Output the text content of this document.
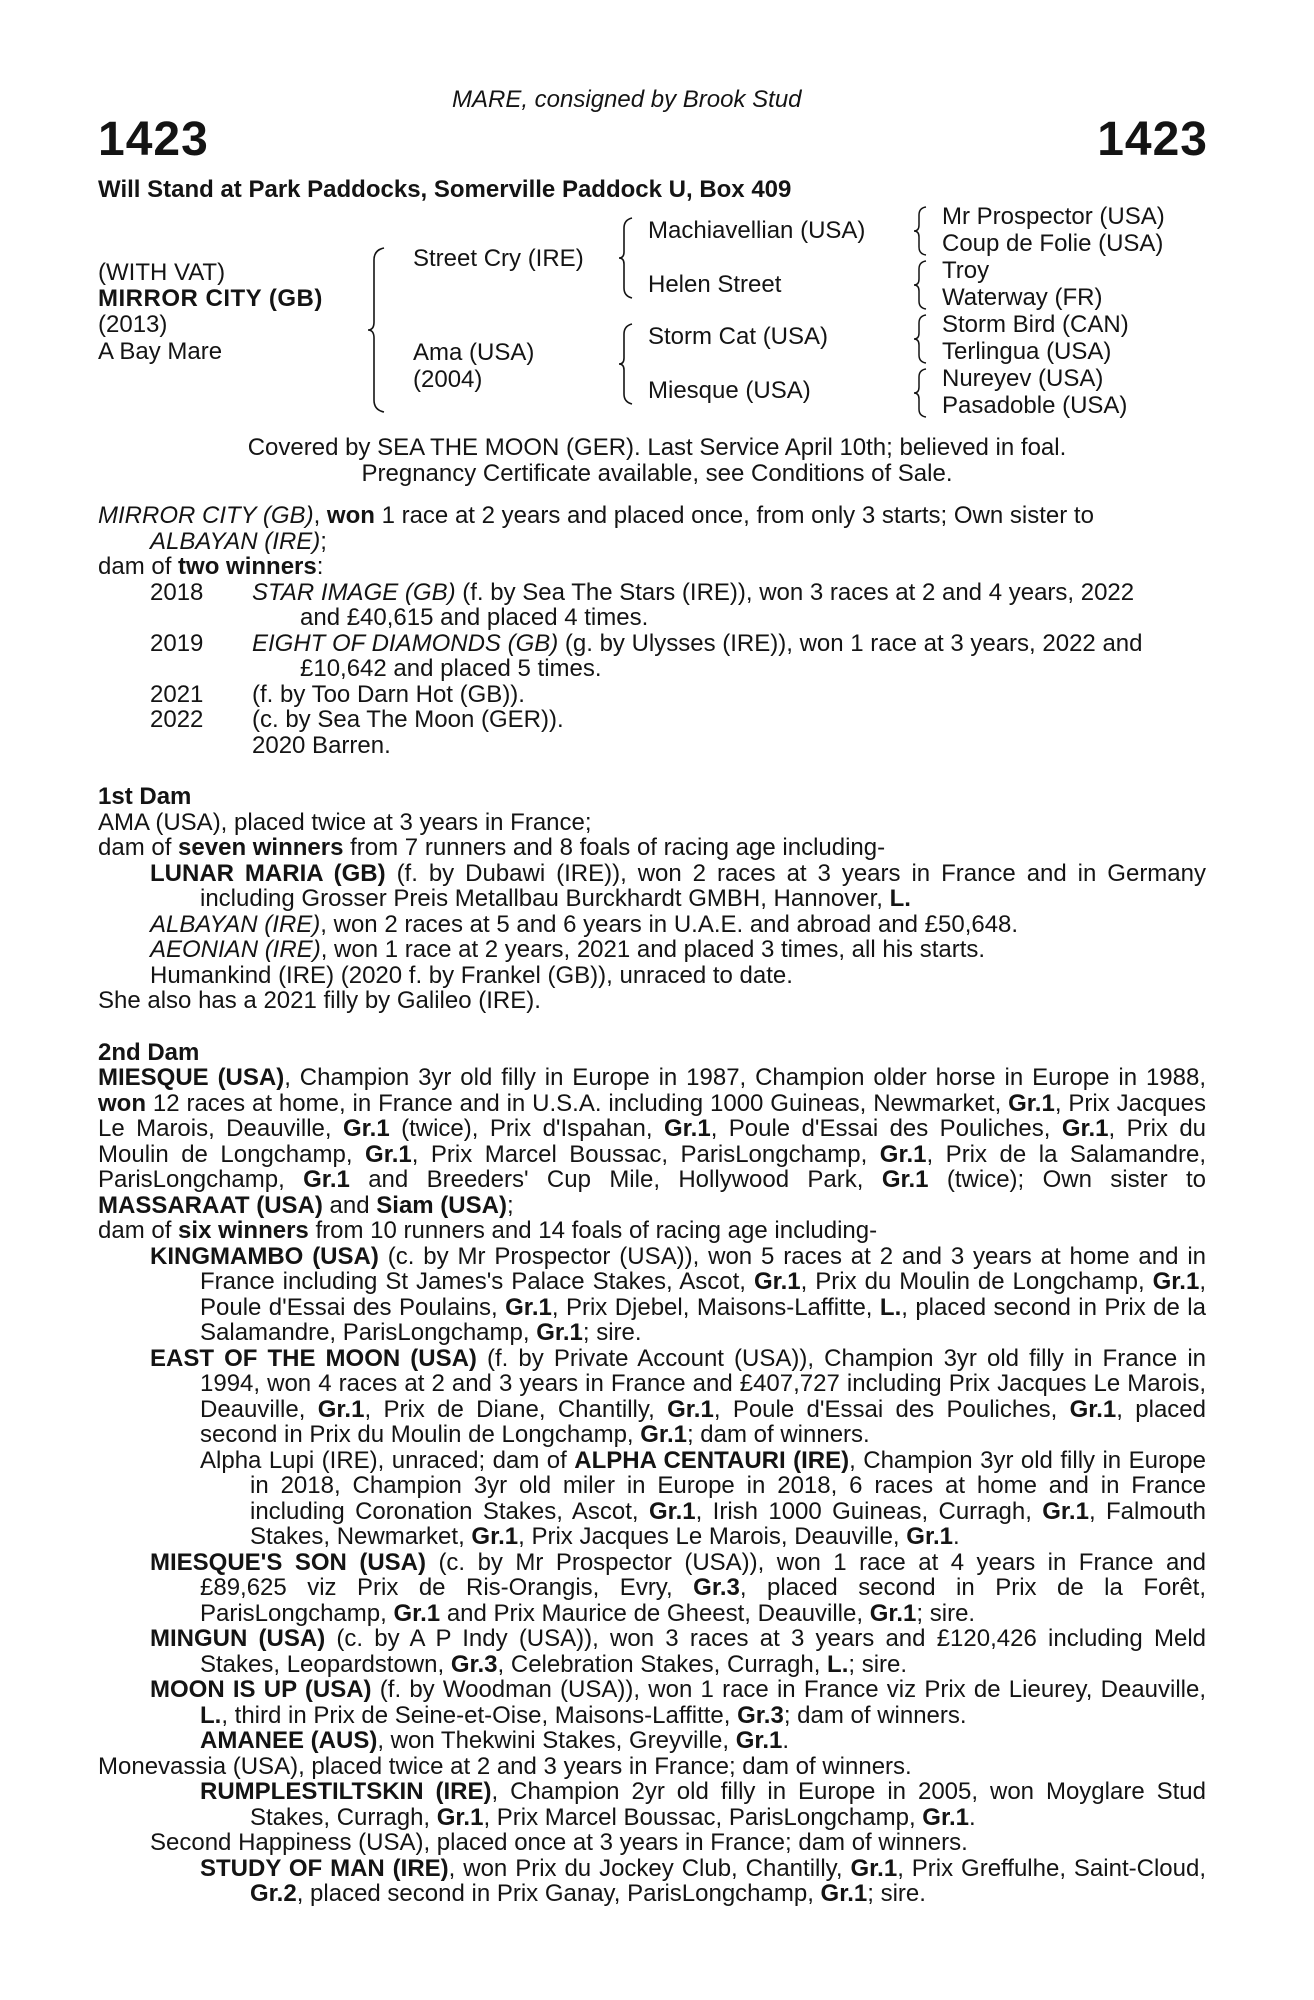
MARE, consigned by Brook Stud
1423	1423
Will Stand at Park Paddocks, Somerville Paddock U, Box 409
(WITH VAT)
MIRROR CITY (GB)
(2013)
A Bay Mare
Street Cry (IRE)
Ama (USA)
(2004)
Machiavellian (USA)
Helen Street
Storm Cat (USA)
Miesque (USA)
Mr Prospector (USA)
Coup de Folie (USA)
Troy
Waterway (FR)
Storm Bird (CAN)
Terlingua (USA)
Nureyev (USA)
Pasadoble (USA)
Covered by SEA THE MOON (GER). Last Service April 10th; believed in foal.
Pregnancy Certificate available, see Conditions of Sale.

MIRROR CITY (GB), won 1 race at 2 years and placed once, from only 3 starts; Own sister to

ALBAYAN (IRE);

dam of two winners:

2018	STAR IMAGE (GB) (f. by Sea The Stars (IRE)), won 3 races at 2 and 4 years, 2022
and £40,615 and placed 4 times.
2019	EIGHT OF DIAMONDS (GB) (g. by Ulysses (IRE)), won 1 race at 3 years, 2022 and
£10,642 and placed 5 times.
2021	(f. by Too Darn Hot (GB)).
2022	(c. by Sea The Moon (GER)).
2020 Barren.

1st Dam

AMA (USA), placed twice at 3 years in France;

dam of seven winners from 7 runners and 8 foals of racing age including-

LUNAR MARIA (GB) (f. by Dubawi (IRE)), won 2 races at 3 years in France and in Germany including Grosser Preis Metallbau Burckhardt GMBH, Hannover, L.

ALBAYAN (IRE), won 2 races at 5 and 6 years in U.A.E. and abroad and £50,648.

AEONIAN (IRE), won 1 race at 2 years, 2021 and placed 3 times, all his starts.

Humankind (IRE) (2020 f. by Frankel (GB)), unraced to date.

She also has a 2021 filly by Galileo (IRE).

2nd Dam

MIESQUE (USA), Champion 3yr old filly in Europe in 1987, Champion older horse in Europe in 1988, won 12 races at home, in France and in U.S.A. including 1000 Guineas, Newmarket, Gr.1, Prix Jacques Le Marois, Deauville, Gr.1 (twice), Prix d'Ispahan, Gr.1, Poule d'Essai des Pouliches, Gr.1, Prix du Moulin de Longchamp, Gr.1, Prix Marcel Boussac, ParisLongchamp, Gr.1, Prix de la Salamandre, ParisLongchamp, Gr.1 and Breeders' Cup Mile, Hollywood Park, Gr.1 (twice); Own sister to MASSARAAT (USA) and Siam (USA);

dam of six winners from 10 runners and 14 foals of racing age including-

KINGMAMBO (USA) (c. by Mr Prospector (USA)), won 5 races at 2 and 3 years at home and in France including St James's Palace Stakes, Ascot, Gr.1, Prix du Moulin de Longchamp, Gr.1, Poule d'Essai des Poulains, Gr.1, Prix Djebel, Maisons-Laffitte, L., placed second in Prix de la Salamandre, ParisLongchamp, Gr.1; sire.

EAST OF THE MOON (USA) (f. by Private Account (USA)), Champion 3yr old filly in France in 1994, won 4 races at 2 and 3 years in France and £407,727 including Prix Jacques Le Marois, Deauville, Gr.1, Prix de Diane, Chantilly, Gr.1, Poule d'Essai des Pouliches, Gr.1, placed second in Prix du Moulin de Longchamp, Gr.1; dam of winners.

Alpha Lupi (IRE), unraced; dam of ALPHA CENTAURI (IRE), Champion 3yr old filly in Europe in 2018, Champion 3yr old miler in Europe in 2018, 6 races at home and in France including Coronation Stakes, Ascot, Gr.1, Irish 1000 Guineas, Curragh, Gr.1, Falmouth Stakes, Newmarket, Gr.1, Prix Jacques Le Marois, Deauville, Gr.1.

MIESQUE'S SON (USA) (c. by Mr Prospector (USA)), won 1 race at 4 years in France and £89,625 viz Prix de Ris-Orangis, Evry, Gr.3, placed second in Prix de la Forêt, ParisLongchamp, Gr.1 and Prix Maurice de Gheest, Deauville, Gr.1; sire.

MINGUN (USA) (c. by A P Indy (USA)), won 3 races at 3 years and £120,426 including Meld Stakes, Leopardstown, Gr.3, Celebration Stakes, Curragh, L.; sire.

MOON IS UP (USA) (f. by Woodman (USA)), won 1 race in France viz Prix de Lieurey, Deauville, L., third in Prix de Seine-et-Oise, Maisons-Laffitte, Gr.3; dam of winners.

AMANEE (AUS), won Thekwini Stakes, Greyville, Gr.1.

Monevassia (USA), placed twice at 2 and 3 years in France; dam of winners.

RUMPLESTILTSKIN (IRE), Champion 2yr old filly in Europe in 2005, won Moyglare Stud Stakes, Curragh, Gr.1, Prix Marcel Boussac, ParisLongchamp, Gr.1.

Second Happiness (USA), placed once at 3 years in France; dam of winners.

STUDY OF MAN (IRE), won Prix du Jockey Club, Chantilly, Gr.1, Prix Greffulhe, Saint-Cloud, Gr.2, placed second in Prix Ganay, ParisLongchamp, Gr.1; sire.
